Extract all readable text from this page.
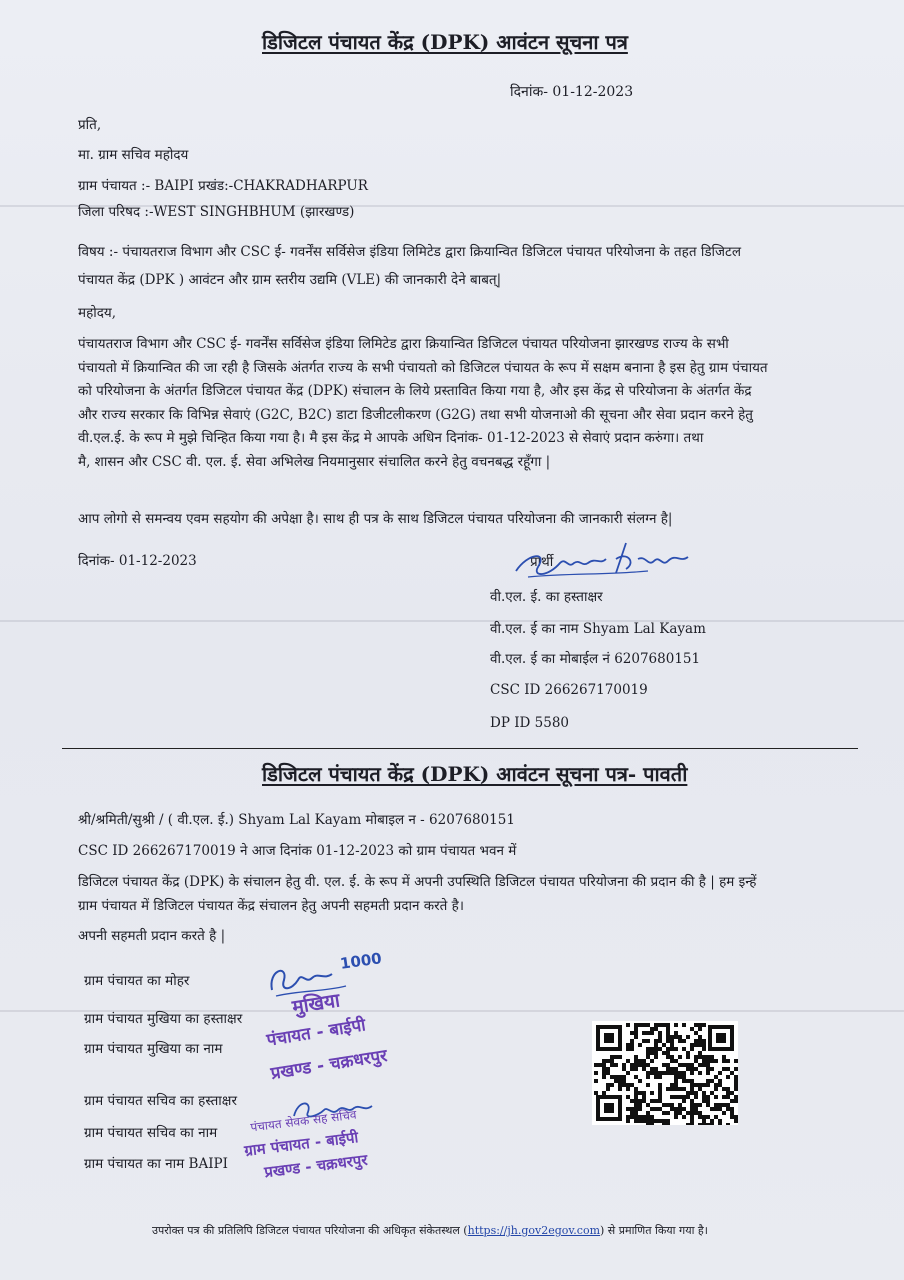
डिजिटल पंचायत केंद्र (DPK) आवंटन सूचना पत्र
दिनांक- 01-12-2023
प्रति,
मा. ग्राम सचिव महोदय
ग्राम पंचायत :- BAIPI प्रखंड:-CHAKRADHARPUR
जिला परिषद :-WEST SINGHBHUM (झारखण्ड)
विषय :- पंचायतराज विभाग और CSC ई- गवर्नेंस सर्विसेज इंडिया लिमिटेड द्वारा क्रियान्वित डिजिटल पंचायत परियोजना के तहत डिजिटल
पंचायत केंद्र (DPK ) आवंटन और ग्राम स्तरीय उद्यमि (VLE) की जानकारी देने बाबत्|
महोदय,
पंचायतराज विभाग और CSC ई- गवर्नेंस सर्विसेज इंडिया लिमिटेड द्वारा क्रियान्वित डिजिटल पंचायत परियोजना झारखण्ड राज्य के सभी
पंचायतो में क्रियान्वित की जा रही है जिसके अंतर्गत राज्य के सभी पंचायतो को डिजिटल पंचायत के रूप में सक्षम बनाना है इस हेतु ग्राम पंचायत
को परियोजना के अंतर्गत डिजिटल पंचायत केंद्र (DPK) संचालन के लिये प्रस्तावित किया गया है, और इस केंद्र से परियोजना के अंतर्गत केंद्र
और राज्य सरकार कि विभिन्न सेवाएं (G2C, B2C) डाटा डिजीटलीकरण (G2G) तथा सभी योजनाओ की सूचना और सेवा प्रदान करने हेतु
वी.एल.ई. के रूप मे मुझे चिन्हित किया गया है। मै इस केंद्र मे आपके अधिन दिनांक- 01-12-2023 से सेवाएं प्रदान करुंगा। तथा
मै, शासन और CSC वी. एल. ई. सेवा अभिलेख नियमानुसार संचालित करने हेतु वचनबद्ध रहूँगा |
आप लोगो से समन्वय एवम सहयोग की अपेक्षा है। साथ ही पत्र के साथ डिजिटल पंचायत परियोजना की जानकारी संलग्न है|
दिनांक- 01-12-2023	प्रार्थी
वी.एल. ई. का हस्ताक्षर
वी.एल. ई का नाम Shyam Lal Kayam
वी.एल. ई का मोबाईल नं 6207680151
CSC ID 266267170019
DP ID 5580
डिजिटल पंचायत केंद्र (DPK) आवंटन सूचना पत्र- पावती
श्री/श्रमिती/सुश्री / ( वी.एल. ई.) Shyam Lal Kayam मोबाइल न - 6207680151
CSC ID 266267170019 ने आज दिनांक 01-12-2023 को ग्राम पंचायत भवन में
डिजिटल पंचायत केंद्र (DPK) के संचालन हेतु वी. एल. ई. के रूप में अपनी उपस्थिति डिजिटल पंचायत परियोजना की प्रदान की है | हम इन्हें
ग्राम पंचायत में डिजिटल पंचायत केंद्र संचालन हेतु अपनी सहमती प्रदान करते है।
अपनी सहमती प्रदान करते है |
ग्राम पंचायत का मोहर
ग्राम पंचायत मुखिया का हस्ताक्षर
ग्राम पंचायत मुखिया का नाम
ग्राम पंचायत सचिव का हस्ताक्षर
ग्राम पंचायत सचिव का नाम
ग्राम पंचायत का नाम BAIPI
1000
मुखिया
पंचायत - बाईपी
प्रखण्ड - चक्रधरपुर
पंचायत सेवक सह सचिव
ग्राम पंचायत - बाईपी
प्रखण्ड - चक्रधरपुर
उपरोक्त पत्र की प्रतिलिपि डिजिटल पंचायत परियोजना की अधिकृत संकेतस्थल (https://jh.gov2egov.com) से प्रमाणित किया गया है।
